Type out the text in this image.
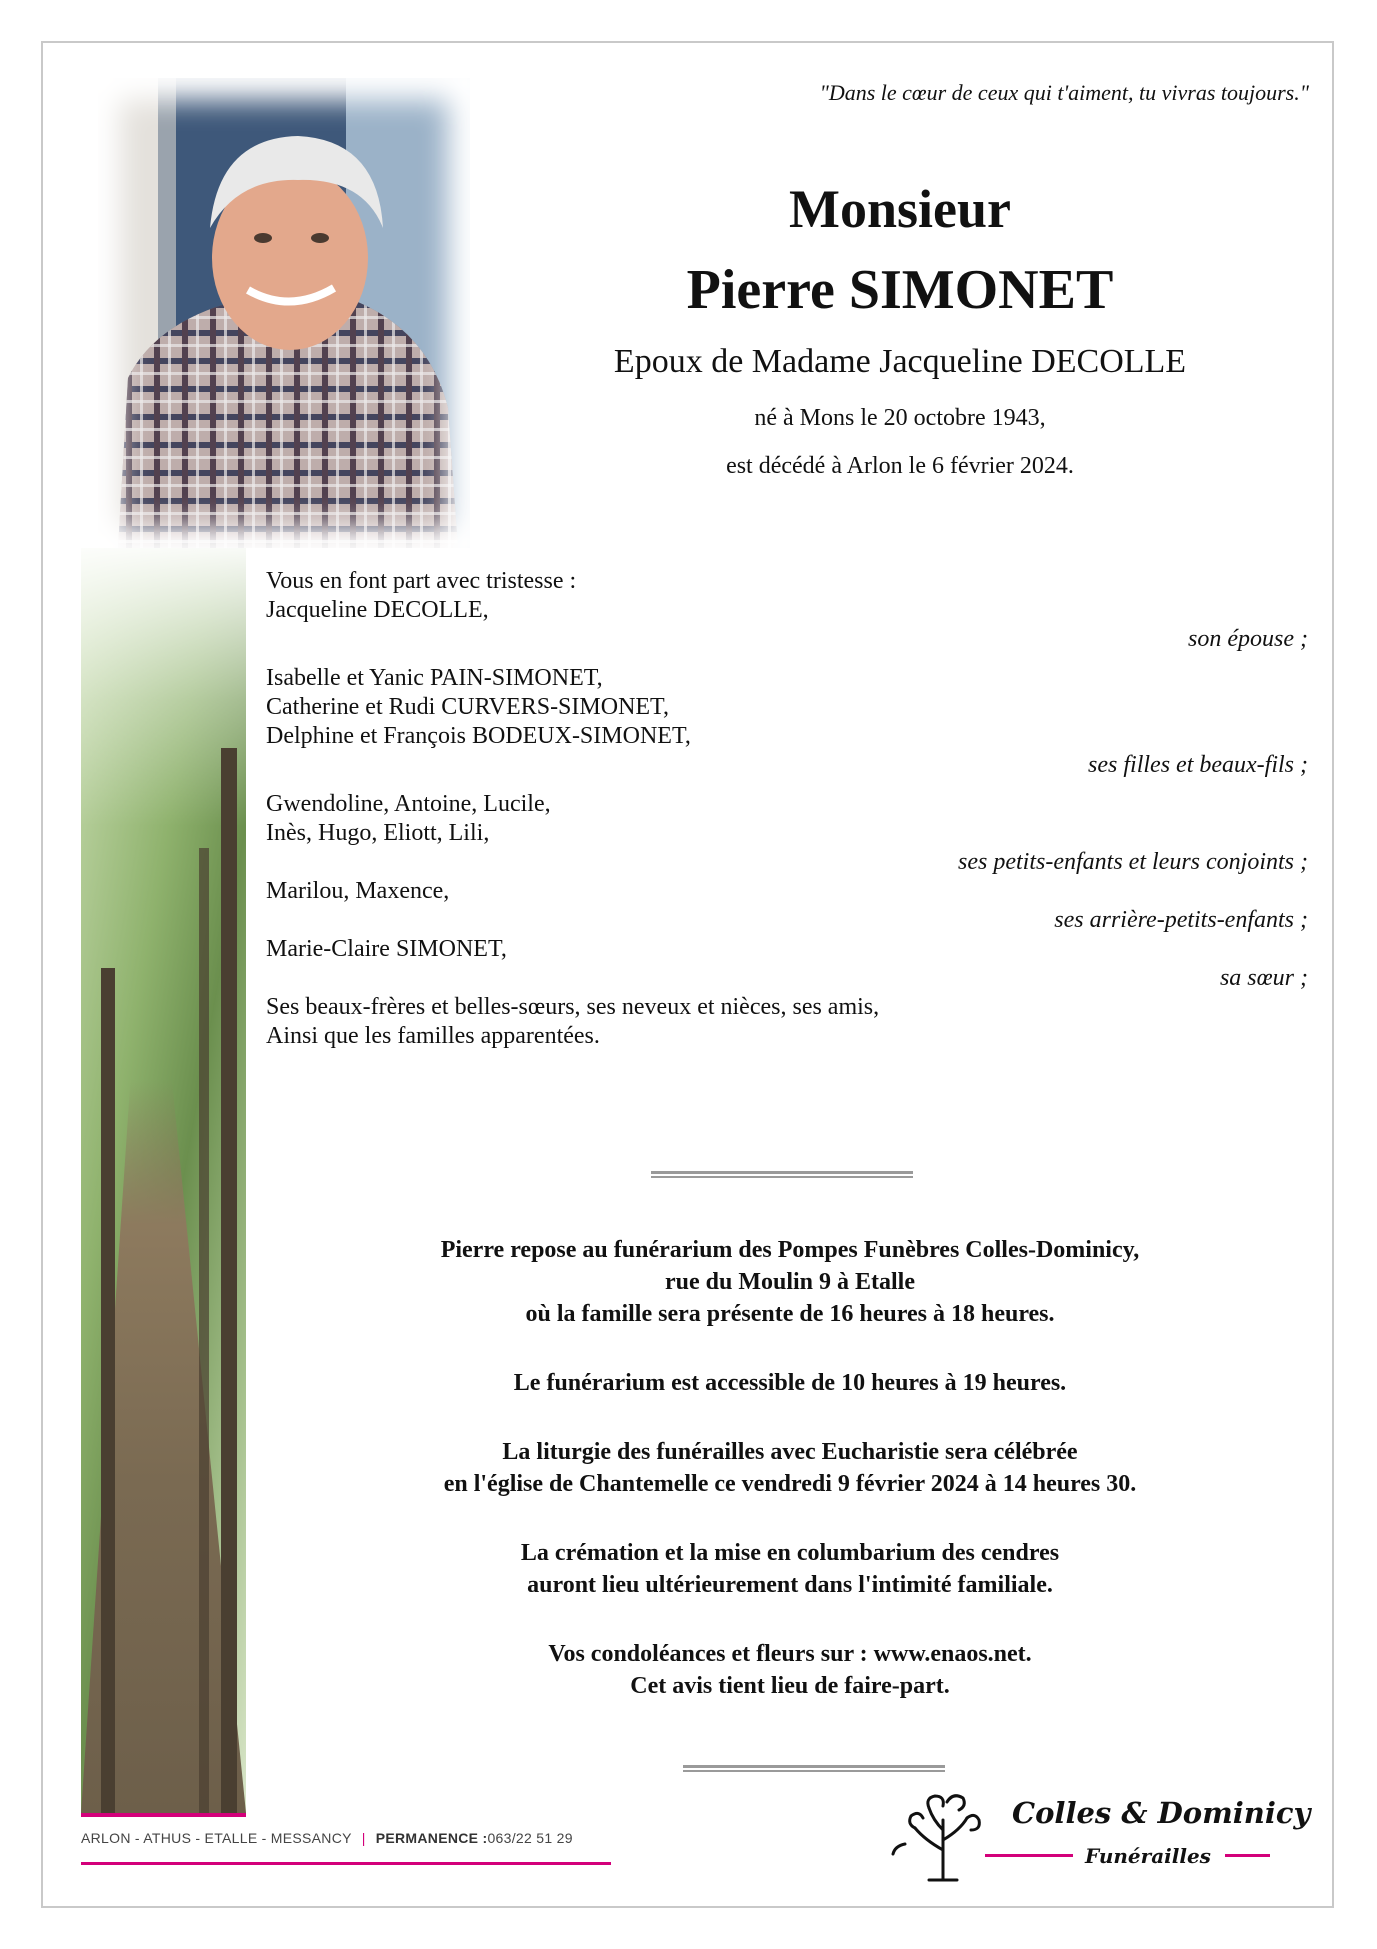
"Dans le cœur de ceux qui t'aiment, tu vivras toujours."
Monsieur
Pierre SIMONET
Epoux de Madame Jacqueline DECOLLE
né à Mons le 20 octobre 1943,
est décédé à Arlon le 6 février 2024.
Vous en font part avec tristesse :
Jacqueline DECOLLE,
son épouse ;
Isabelle et Yanic PAIN-SIMONET,
Catherine et Rudi CURVERS-SIMONET,
Delphine et François BODEUX-SIMONET,
ses filles et beaux-fils ;
Gwendoline, Antoine, Lucile,
Inès, Hugo, Eliott, Lili,
ses petits-enfants et leurs conjoints ;
Marilou, Maxence,
ses arrière-petits-enfants ;
Marie-Claire SIMONET,
sa sœur ;
Ses beaux-frères et belles-sœurs, ses neveux et nièces, ses amis,
Ainsi que les familles apparentées.
Pierre repose au funérarium des Pompes Funèbres Colles-Dominicy,
rue du Moulin 9 à Etalle
où la famille sera présente de 16 heures à 18 heures.
Le funérarium est accessible de 10 heures à 19 heures.
La liturgie des funérailles avec Eucharistie sera célébrée
en l'église de Chantemelle ce vendredi 9 février 2024 à 14 heures 30.
La crémation et la mise en columbarium des cendres
auront lieu ultérieurement dans l'intimité familiale.
Vos condoléances et fleurs sur : www.enaos.net.
Cet avis tient lieu de faire-part.
ARLON - ATHUS - ETALLE - MESSANCY | PERMANENCE :063/22 51 29
Colles & Dominicy
Funérailles
